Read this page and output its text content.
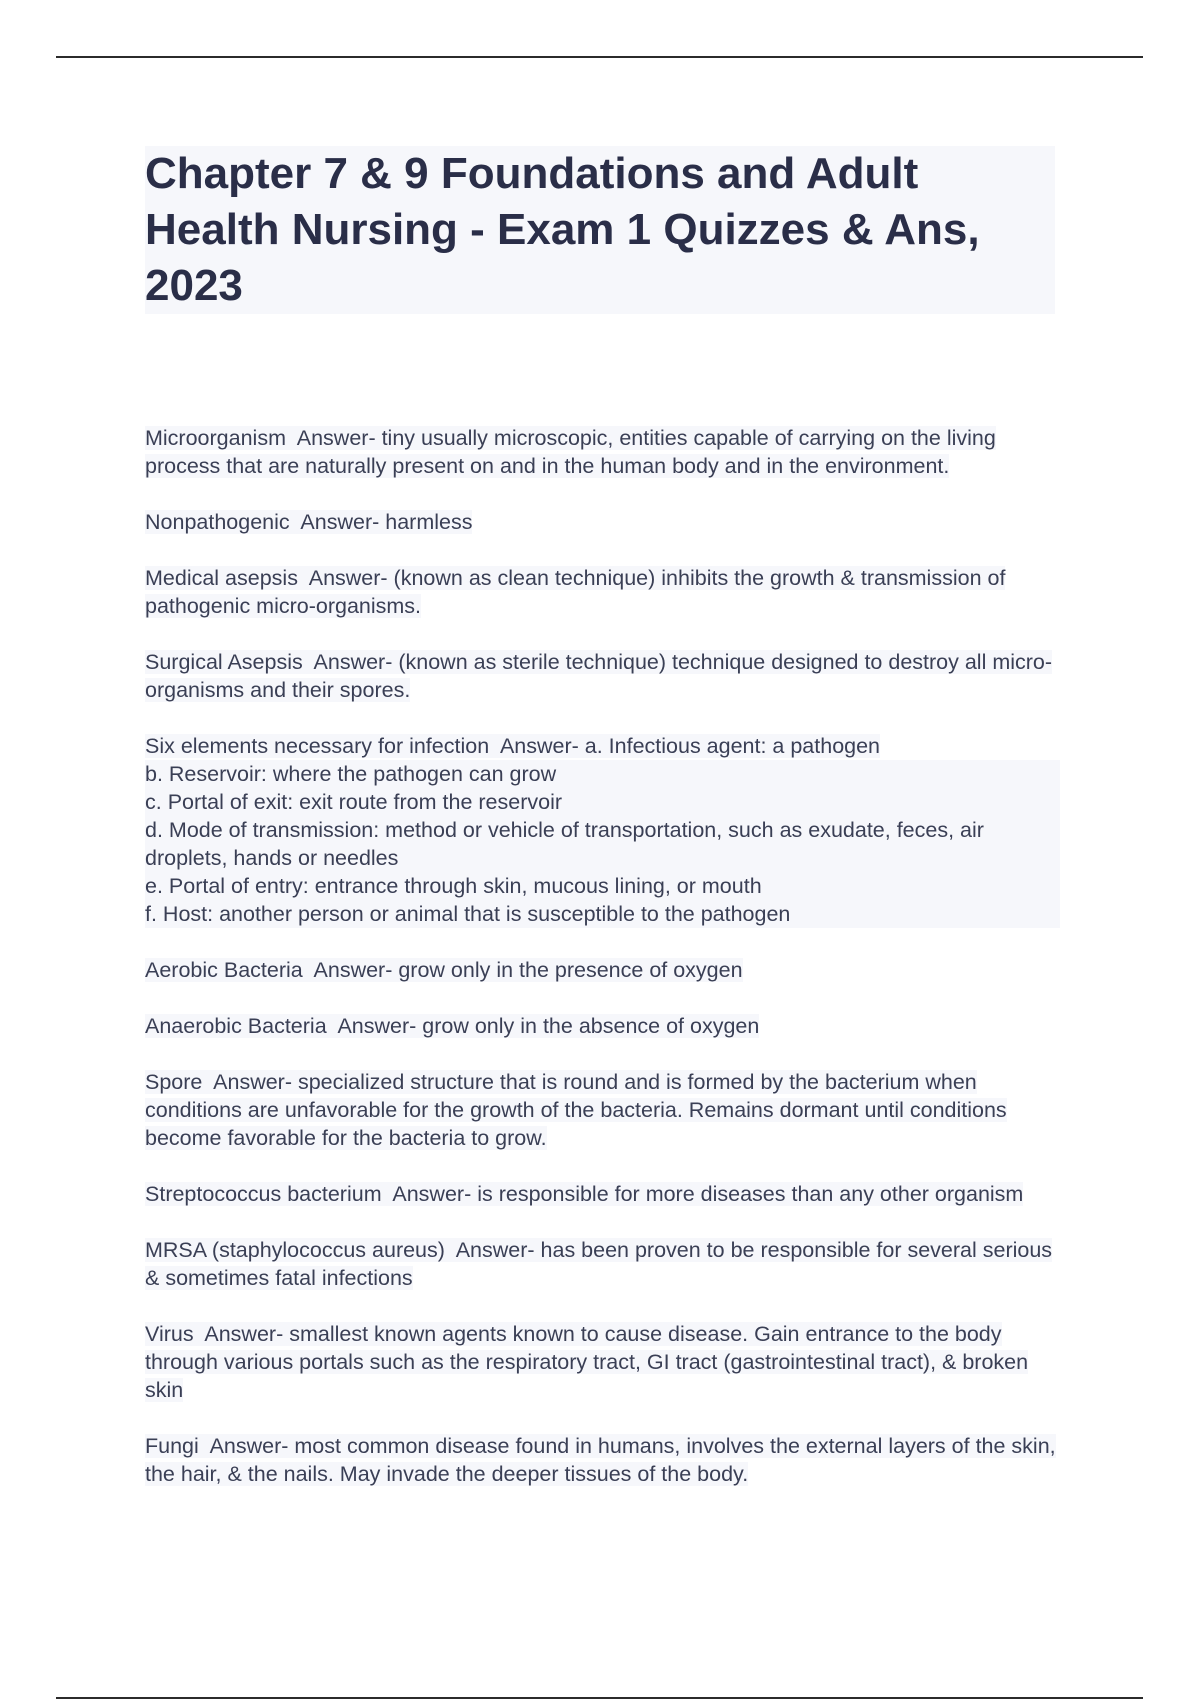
Chapter 7 & 9 Foundations and Adult Health Nursing - Exam 1 Quizzes & Ans, 2023

Microorganism Answer- tiny usually microscopic, entities capable of carrying on the living process that are naturally present on and in the human body and in the environment.

Nonpathogenic Answer- harmless

Medical asepsis Answer- (known as clean technique) inhibits the growth & transmission of pathogenic micro-organisms.

Surgical Asepsis Answer- (known as sterile technique) technique designed to destroy all micro-organisms and their spores.

Six elements necessary for infection Answer- a. Infectious agent: a pathogen
b. Reservoir: where the pathogen can grow
c. Portal of exit: exit route from the reservoir
d. Mode of transmission: method or vehicle of transportation, such as exudate, feces, air droplets, hands or needles
e. Portal of entry: entrance through skin, mucous lining, or mouth
f. Host: another person or animal that is susceptible to the pathogen

Aerobic Bacteria Answer- grow only in the presence of oxygen

Anaerobic Bacteria Answer- grow only in the absence of oxygen

Spore Answer- specialized structure that is round and is formed by the bacterium when conditions are unfavorable for the growth of the bacteria. Remains dormant until conditions become favorable for the bacteria to grow.

Streptococcus bacterium Answer- is responsible for more diseases than any other organism

MRSA (staphylococcus aureus) Answer- has been proven to be responsible for several serious & sometimes fatal infections

Virus Answer- smallest known agents known to cause disease. Gain entrance to the body through various portals such as the respiratory tract, GI tract (gastrointestinal tract), & broken skin

Fungi Answer- most common disease found in humans, involves the external layers of the skin, the hair, & the nails. May invade the deeper tissues of the body.
